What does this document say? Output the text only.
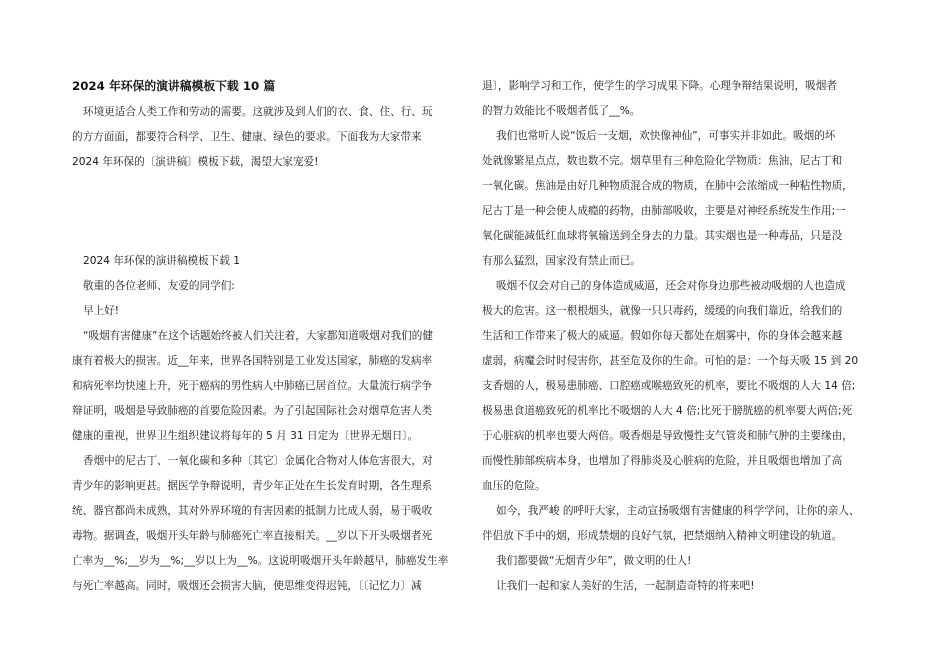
2024 年环保的演讲稿模板下载 10 篇
环境更适合人类工作和劳动的需要。这就涉及到人们的衣、食、住、行、玩
的方方面面，都要符合科学、卫生、健康、绿色的要求。下面我为大家带来
2024 年环保的〔演讲稿〕模板下载，渴望大家宠爱!
2024 年环保的演讲稿模板下载 1
敬重的各位老师、友爱的同学们:
早上好!
“吸烟有害健康”在这个话题始终被人们关注着，大家都知道吸烟对我们的健
康有着极大的损害。近__年来，世界各国特别是工业发达国家，肺癌的发病率
和病死率均快速上升，死于癌病的男性病人中肺癌已居首位。大量流行病学争
辩证明，吸烟是导致肺癌的首要危险因素。为了引起国际社会对烟草危害人类
健康的重视，世界卫生组织建议将每年的 5 月 31 日定为〔世界无烟日〕。
香烟中的尼古丁、一氧化碳和多种〔其它〕金属化合物对人体危害很大，对
青少年的影响更甚。据医学争辩说明，青少年正处在生长发育时期，各生理系
统、器官都尚未成熟，其对外界环境的有害因素的抵制力比成人弱，易于吸收
毒物。据调查，吸烟开头年龄与肺癌死亡率直接相关。__岁以下开头吸烟者死
亡率为__%;__岁为__%;__岁以上为__%。这说明吸烟开头年龄越早，肺癌发生率
与死亡率越高。同时，吸烟还会损害大脑，使思维变得迟钝，〔〔记忆力〕减
退〕，影响学习和工作，使学生的学习成果下降。心理争辩结果说明，吸烟者
的智力效能比不吸烟者低了__%。
我们也常听人说“饭后一支烟，欢快像神仙”，可事实并非如此。吸烟的坏
处就像繁星点点，数也数不完。烟草里有三种危险化学物质：焦油，尼古丁和
一氧化碳。焦油是由好几种物质混合成的物质，在肺中会浓缩成一种粘性物质，
尼古丁是一种会使人成瘾的药物，由肺部吸收，主要是对神经系统发生作用;一
氧化碳能减低红血球将氧输送到全身去的力量。其实烟也是一种毒品，只是没
有那么猛烈，国家没有禁止而已。
吸烟不仅会对自己的身体造成威逼，还会对你身边那些被动吸烟的人也造成
极大的危害。这一根根烟头，就像一只只毒药，缓缓的向我们靠近，给我们的
生活和工作带来了极大的威逼。假如你每天都处在烟雾中，你的身体会越来越
虚弱，病魔会时时侵害你，甚至危及你的生命。可怕的是：一个每天吸 15 到 20
支香烟的人，极易患肺癌、口腔癌或喉癌致死的机率，要比不吸烟的人大 14 倍;
极易患食道癌致死的机率比不吸烟的人大 4 倍;比死于膀胱癌的机率要大两倍;死
于心脏病的机率也要大两倍。吸香烟是导致慢性支气管炎和肺气肿的主要缘由，
而慢性肺部疾病本身，也增加了得肺炎及心脏病的危险，并且吸烟也增加了高
血压的危险。
如今，我严峻 的呼吁大家，主动宣扬吸烟有害健康的科学学问，让你的亲人、
伴侣放下手中的烟，形成禁烟的良好气氛，把禁烟纳入精神文明建设的轨道。
我们都要做“无烟青少年”，做文明的仕人!
让我们一起和家人美好的生活，一起制造奇特的将来吧!
